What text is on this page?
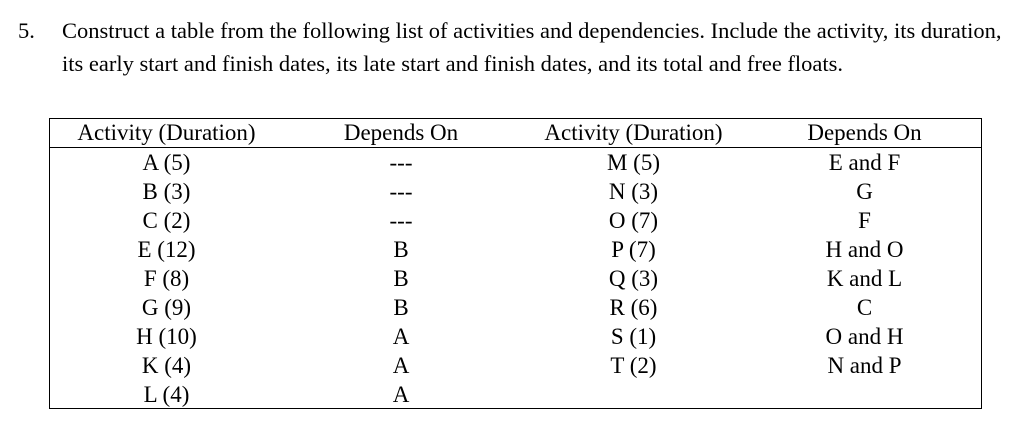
5. Construct a table from the following list of activities and dependencies. Include the activity, its duration, its early start and finish dates, its late start and finish dates, and its total and free floats.
Activity (Duration)	Depends On	Activity (Duration)	Depends On
A (5)	---	M (5)	E and F
B (3)	---	N (3)	G
C (2)	---	O (7)	F
E (12)	B	P (7)	H and O
F (8)	B	Q (3)	K and L
G (9)	B	R (6)	C
H (10)	A	S (1)	O and H
K (4)	A	T (2)	N and P
L (4)	A		
